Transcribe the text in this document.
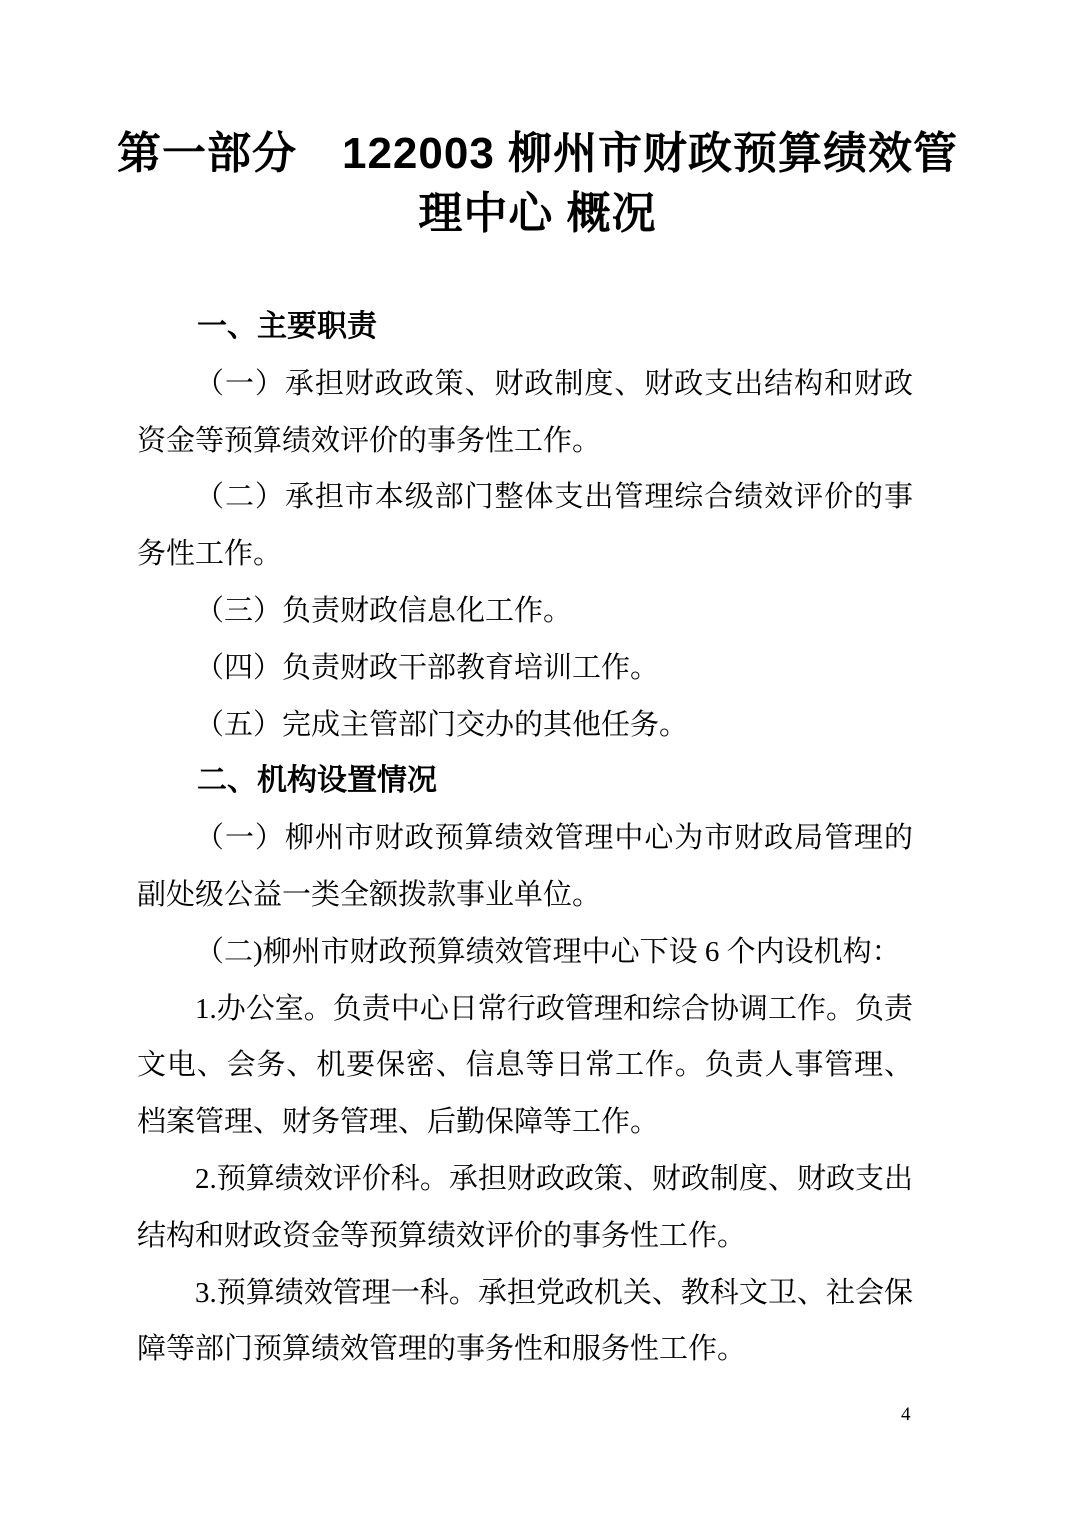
第一部分　122003 柳州市财政预算绩效管
理中心 概况

一、主要职责

（一）承担财政政策、财政制度、财政支出结构和财政资金等预算绩效评价的事务性工作。

（二）承担市本级部门整体支出管理综合绩效评价的事务性工作。

（三）负责财政信息化工作。

（四）负责财政干部教育培训工作。

（五）完成主管部门交办的其他任务。

二、机构设置情况

（一）柳州市财政预算绩效管理中心为市财政局管理的副处级公益一类全额拨款事业单位。

（二)柳州市财政预算绩效管理中心下设 6 个内设机构：

1.办公室。负责中心日常行政管理和综合协调工作。负责文电、会务、机要保密、信息等日常工作。负责人事管理、档案管理、财务管理、后勤保障等工作。

2.预算绩效评价科。承担财政政策、财政制度、财政支出结构和财政资金等预算绩效评价的事务性工作。

3.预算绩效管理一科。承担党政机关、教科文卫、社会保障等部门预算绩效管理的事务性和服务性工作。

4
